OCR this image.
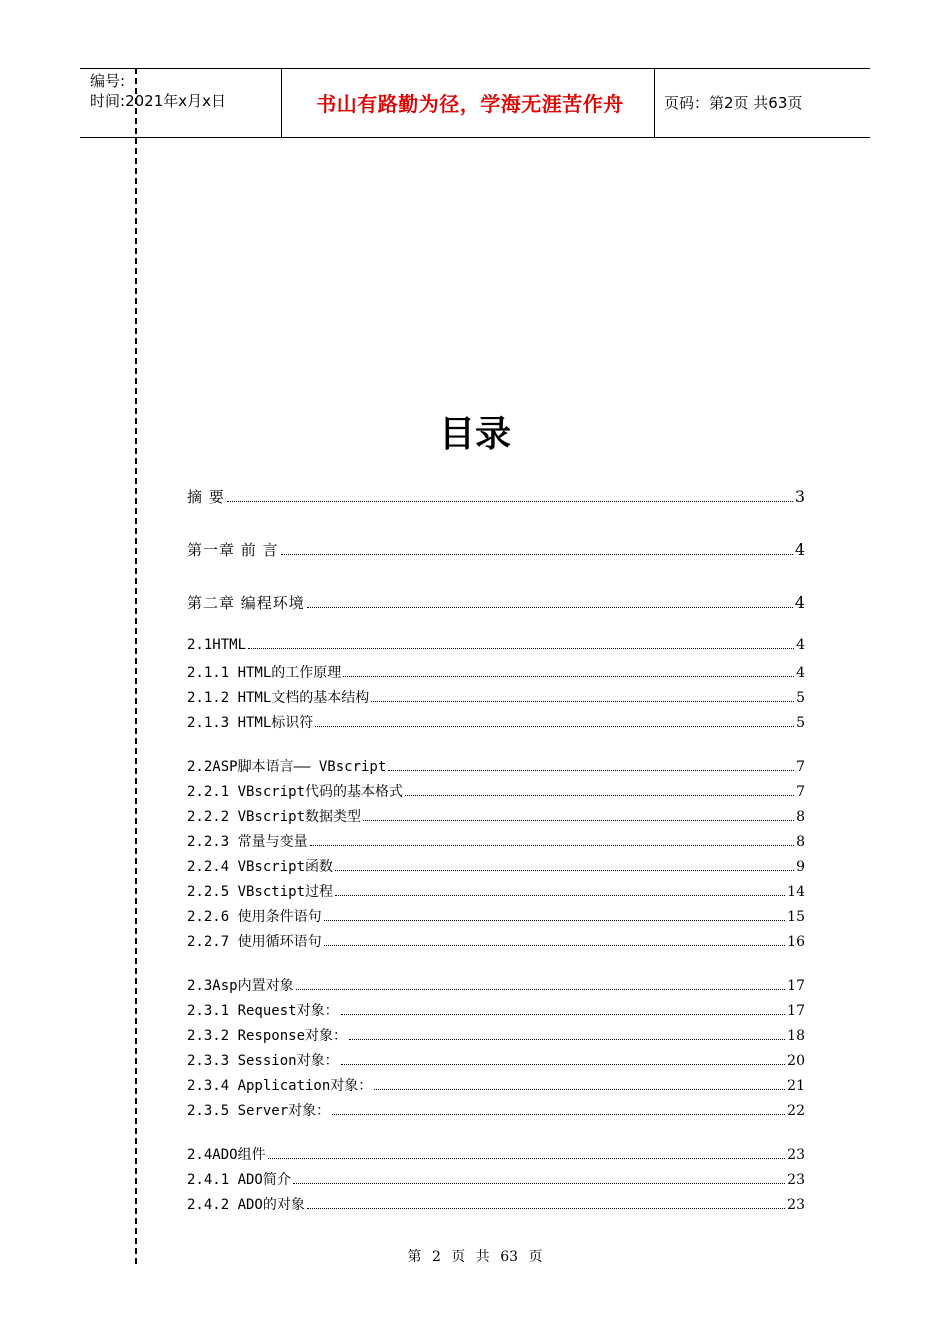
编号:
时间:2021年x月x日	书山有路勤为径，学海无涯苦作舟	页码：第2页 共63页
目录
摘 要	3
第一章 前 言	4
第二章 编程环境	4
2.1HTML	4
2.1.1 HTML的工作原理	4
2.1.2 HTML文档的基本结构	5
2.1.3 HTML标识符	5
2.2ASP脚本语言—— VBscript	7
2.2.1 VBscript代码的基本格式	7
2.2.2 VBscript数据类型	8
2.2.3 常量与变量	8
2.2.4 VBscript函数	9
2.2.5 VBsctipt过程	14
2.2.6 使用条件语句	15
2.2.7 使用循环语句	16
2.3Asp内置对象	17
2.3.1 Request对象：	17
2.3.2 Response对象：	18
2.3.3 Session对象：	20
2.3.4 Application对象：	21
2.3.5 Server对象：	22
2.4ADO组件	23
2.4.1 ADO简介	23
2.4.2 ADO的对象	23
第 2 页 共 63 页
